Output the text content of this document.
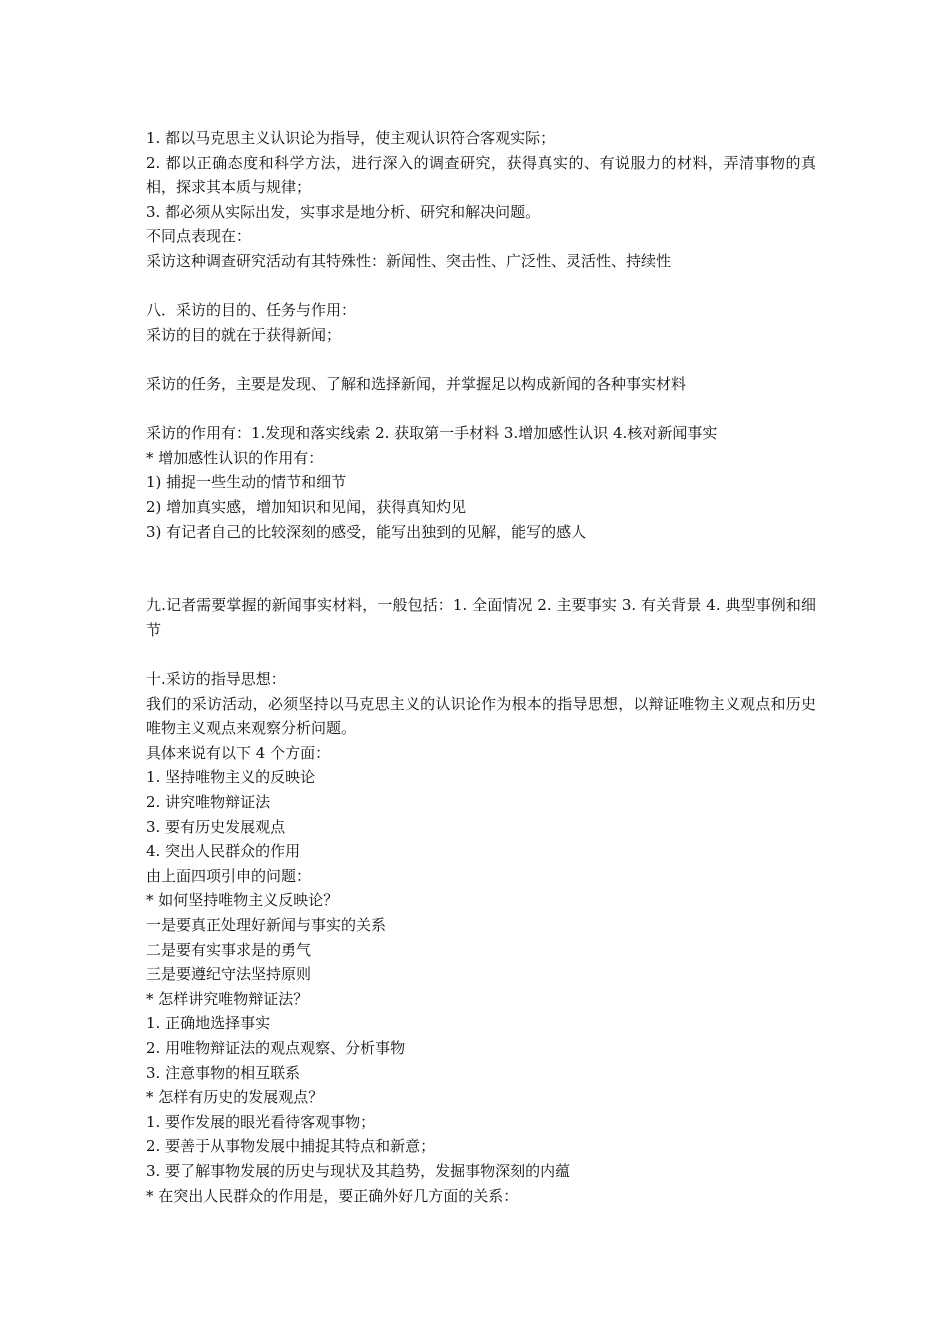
1. 都以马克思主义认识论为指导，使主观认识符合客观实际；
2. 都以正确态度和科学方法，进行深入的调查研究，获得真实的、有说服力的材料，弄清事物的真相，探求其本质与规律；
3. 都必须从实际出发，实事求是地分析、研究和解决问题。
不同点表现在：
采访这种调查研究活动有其特殊性：新闻性、突击性、广泛性、灵活性、持续性
八．采访的目的、任务与作用：
采访的目的就在于获得新闻；
采访的任务，主要是发现、了解和选择新闻，并掌握足以构成新闻的各种事实材料
采访的作用有：1.发现和落实线索 2. 获取第一手材料 3.增加感性认识 4.核对新闻事实
* 增加感性认识的作用有：
1) 捕捉一些生动的情节和细节
2) 增加真实感，增加知识和见闻，获得真知灼见
3) 有记者自己的比较深刻的感受，能写出独到的见解，能写的感人
九.记者需要掌握的新闻事实材料，一般包括：1. 全面情况 2. 主要事实 3. 有关背景 4. 典型事例和细节
十.采访的指导思想：
我们的采访活动，必须坚持以马克思主义的认识论作为根本的指导思想，以辩证唯物主义观点和历史唯物主义观点来观察分析问题。
具体来说有以下 4 个方面：
1. 坚持唯物主义的反映论
2. 讲究唯物辩证法
3. 要有历史发展观点
4. 突出人民群众的作用
由上面四项引申的问题：
* 如何坚持唯物主义反映论？
一是要真正处理好新闻与事实的关系
二是要有实事求是的勇气
三是要遵纪守法坚持原则
* 怎样讲究唯物辩证法？
1. 正确地选择事实
2. 用唯物辩证法的观点观察、分析事物
3. 注意事物的相互联系
* 怎样有历史的发展观点？
1. 要作发展的眼光看待客观事物；
2. 要善于从事物发展中捕捉其特点和新意；
3. 要了解事物发展的历史与现状及其趋势，发掘事物深刻的内蕴
* 在突出人民群众的作用是，要正确外好几方面的关系：
